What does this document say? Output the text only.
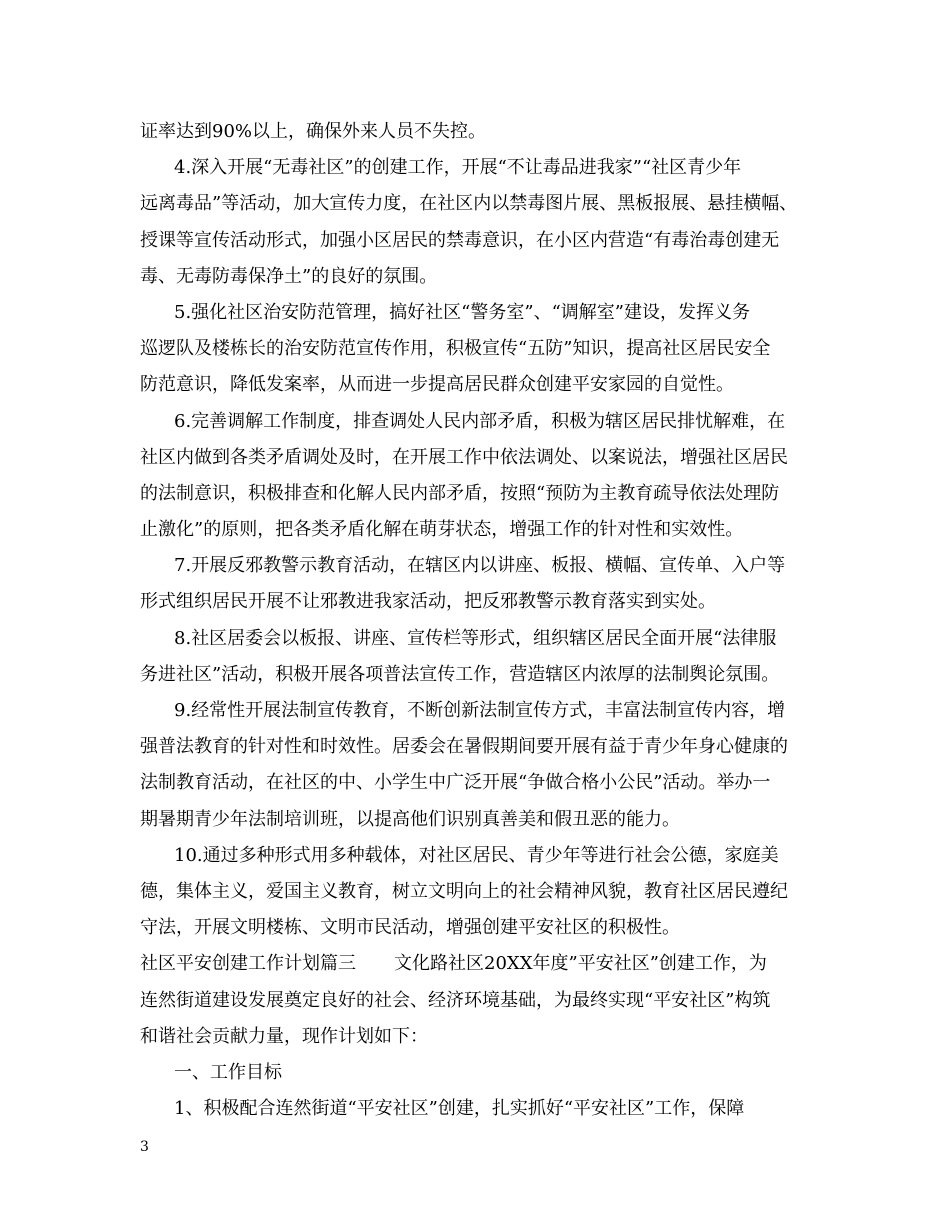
证率达到90%以上，确保外来人员不失控。
4.深入开展“无毒社区”的创建工作，开展“不让毒品进我家”“社区青少年
远离毒品”等活动，加大宣传力度，在社区内以禁毒图片展、黑板报展、悬挂横幅、
授课等宣传活动形式，加强小区居民的禁毒意识，在小区内营造“有毒治毒创建无
毒、无毒防毒保净土”的良好的氛围。
5.强化社区治安防范管理，搞好社区“警务室”、“调解室”建设，发挥义务
巡逻队及楼栋长的治安防范宣传作用，积极宣传“五防”知识，提高社区居民安全
防范意识，降低发案率，从而进一步提高居民群众创建平安家园的自觉性。
6.完善调解工作制度，排查调处人民内部矛盾，积极为辖区居民排忧解难，在
社区内做到各类矛盾调处及时，在开展工作中依法调处、以案说法，增强社区居民
的法制意识，积极排查和化解人民内部矛盾，按照“预防为主教育疏导依法处理防
止激化”的原则，把各类矛盾化解在萌芽状态，增强工作的针对性和实效性。
7.开展反邪教警示教育活动，在辖区内以讲座、板报、横幅、宣传单、入户等
形式组织居民开展不让邪教进我家活动，把反邪教警示教育落实到实处。
8.社区居委会以板报、讲座、宣传栏等形式，组织辖区居民全面开展“法律服
务进社区”活动，积极开展各项普法宣传工作，营造辖区内浓厚的法制舆论氛围。
9.经常性开展法制宣传教育，不断创新法制宣传方式，丰富法制宣传内容，增
强普法教育的针对性和时效性。居委会在暑假期间要开展有益于青少年身心健康的
法制教育活动，在社区的中、小学生中广泛开展“争做合格小公民”活动。举办一
期暑期青少年法制培训班，以提高他们识别真善美和假丑恶的能力。
10.通过多种形式用多种载体，对社区居民、青少年等进行社会公德，家庭美
德，集体主义，爱国主义教育，树立文明向上的社会精神风貌，教育社区居民遵纪
守法，开展文明楼栋、文明市民活动，增强创建平安社区的积极性。
社区平安创建工作计划篇三 文化路社区20XX年度”平安社区”创建工作，为
连然街道建设发展奠定良好的社会、经济环境基础，为最终实现“平安社区”构筑
和谐社会贡献力量，现作计划如下：
一、工作目标
1、积极配合连然街道“平安社区”创建，扎实抓好“平安社区”工作，保障
3
